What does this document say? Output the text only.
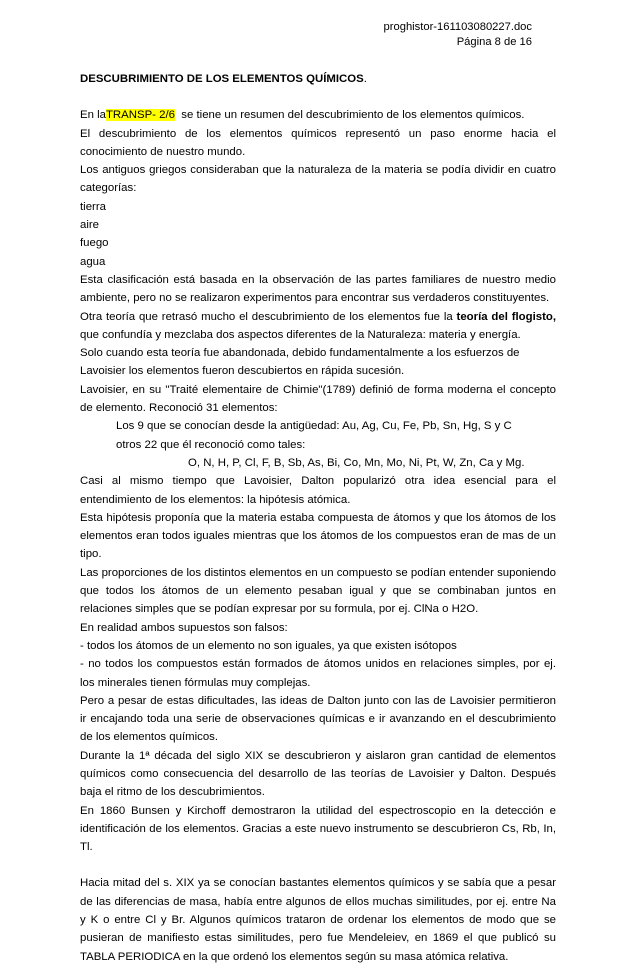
proghistor-161103080227.doc
Página 8 de 16
DESCUBRIMIENTO DE LOS ELEMENTOS QUÍMICOS.

En laTRANSP- 2/6  se tiene un resumen del descubrimiento de los elementos químicos.

El descubrimiento de los elementos químicos representó un paso enorme hacia el conocimiento de nuestro mundo.

Los antiguos griegos consideraban que la naturaleza de la materia se podía dividir en cuatro categorías:

tierra

aire

fuego

agua

Esta clasificación está basada en la observación de las partes familiares de nuestro medio ambiente, pero no se realizaron experimentos para encontrar sus verdaderos constituyentes.

Otra teoría que retrasó mucho el descubrimiento de los elementos fue la teoría del flogisto, que confundía y mezclaba dos aspectos diferentes de la Naturaleza: materia y energía.

Solo cuando esta teoría fue abandonada, debido fundamentalmente a los esfuerzos de

Lavoisier los elementos fueron descubiertos en rápida sucesión.

Lavoisier, en su "Traité elementaire de Chimie"(1789) definió de forma moderna el concepto de elemento. Reconoció 31 elementos:

Los 9 que se conocían desde la antigüedad: Au, Ag, Cu, Fe, Pb, Sn, Hg, S y C

otros 22 que él reconoció como tales:

O, N, H, P, Cl, F, B, Sb, As, Bi, Co, Mn, Mo, Ni, Pt, W, Zn, Ca y Mg.

Casi al mismo tiempo que Lavoisier, Dalton popularizó otra idea esencial para el entendimiento de los elementos: la hipótesis atómica.

Esta hipótesis proponía que la materia estaba compuesta de átomos y que los átomos de los elementos eran todos iguales mientras que los átomos de los compuestos eran de mas de un tipo.

Las proporciones de los distintos elementos en un compuesto se podían entender suponiendo que todos los átomos de un elemento pesaban igual y que se combinaban juntos en relaciones simples que se podían expresar por su formula, por ej. ClNa o H2O.

En realidad ambos supuestos son falsos:

- todos los átomos de un elemento no son iguales, ya que existen isótopos

- no todos los compuestos están formados de átomos unidos en relaciones simples, por ej. los minerales tienen fórmulas muy complejas.

Pero a pesar de estas dificultades, las ideas de Dalton junto con las de Lavoisier permitieron ir encajando toda una serie de observaciones químicas e ir avanzando en el descubrimiento de los elementos químicos.

Durante la 1ª década del siglo XIX se descubrieron y aislaron gran cantidad de elementos químicos como consecuencia del desarrollo de las teorías de Lavoisier y Dalton. Después baja el ritmo de los descubrimientos.

En 1860 Bunsen y Kirchoff demostraron la utilidad del espectroscopio en la detección e identificación de los elementos. Gracias a este nuevo instrumento se descubrieron Cs, Rb, In, Tl.

Hacia mitad del s. XIX ya se conocían bastantes elementos químicos y se sabía que a pesar de las diferencias de masa, había entre algunos de ellos muchas similitudes, por ej. entre Na y K o entre Cl y Br. Algunos químicos trataron de ordenar los elementos de modo que se pusieran de manifiesto estas similitudes, pero fue Mendeleiev, en 1869 el que publicó su TABLA PERIODICA en la que ordenó los elementos según su masa atómica relativa.
